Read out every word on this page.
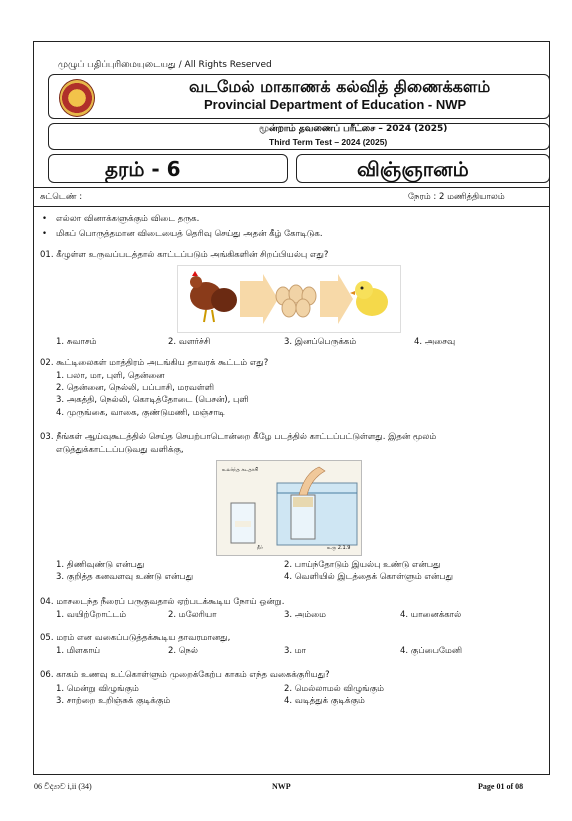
முழுப் பதிப்புரிமையுடையது / All Rights Reserved
வடமேல் மாகாணக் கல்வித் திணைக்களம்
Provincial Department of Education - NWP
மூன்றாம் தவணைப் பரீட்சை – 2024 (2025)
Third Term Test – 2024 (2025)
தரம் - 6	விஞ்ஞானம்
சுட்டெண் :	நேரம் : 2 மணித்தியாலம்
• எல்லா வினாக்களுக்கும் விடை தருக.
• மிகப் பொருத்தமான விடையைத் தெரிவு செய்து அதன் கீழ் கோடிடுக.
01. கீழுள்ள உருவப்படத்தால் காட்டப்படும் அங்கிகளின் சிறப்பியல்பு எது?
1. சுவாசம்	2. வளர்ச்சி	3. இனப்பெருக்கம்	4. அசைவு
02. கூட்டிலைகள் மாத்திரம் அடங்கிய தாவரக் கூட்டம் எது?
1. பலா, மா, புளி, தென்னை
2. தென்னை, நெல்லி, பப்பாசி, மரவள்ளி
3. அகத்தி, நெல்லி, கொடித்தோடை (பெசன்), புளி
4. முருங்கை, வாகை, குண்டுமணி, மஞ்சாடி
03. நீங்கள் ஆய்வுகூடத்தில் செய்த செயற்பாடொன்றை கீழே படத்தில் காட்டப்பட்டுள்ளது. இதன் மூலம்
எடுத்துக்காட்டப்படுவது வளிக்கு,
உலர்ந்த கடதாசி
நீர்	உரு 2.1.9
1. திணிவுண்டு என்பது	2. பாய்ந்தோடும் இயல்பு உண்டு என்பது
3. குறித்த கனவளவு உண்டு என்பது	4. வெளியில் இடத்தைக் கொள்ளும் என்பது
04. மாசடைந்த நீரைப் பருகுவதால் ஏற்படக்கூடிய நோய் ஒன்று.
1. வயிற்றோட்டம்	2. மலேரியா	3. அம்மை	4. யானைக்கால்
05. மரம் என வகைப்படுத்தக்கூடிய தாவரமானது,
1. மிளகாய்	2. நெல்	3. மா	4. குப்பைமேனி
06. காகம் உணவு உட்கொள்ளும் முறைக்கேற்ப காகம் எந்த வகைக்குரியது?
1. மென்று விழுங்கும்	2. மெல்லாமல் விழுங்கும்
3. சாற்றை உறிஞ்சுக் குடிக்கும்	4. வடித்துக் குடிக்கும்
06 විද්‍යාව i,ii (34)	NWP	Page 01 of 08
